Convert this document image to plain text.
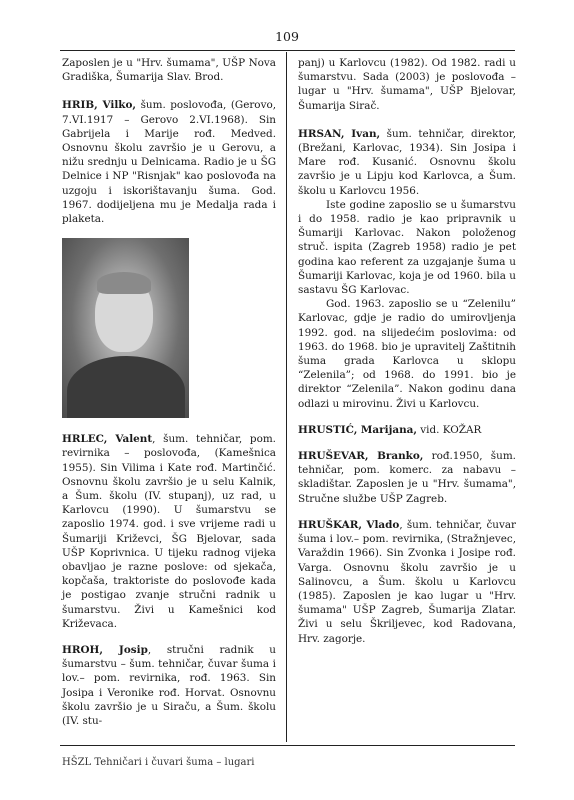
109

Zaposlen je u "Hrv. šumama", UŠP Nova Gradiška, Šumarija Slav. Brod.

HRIB, Vilko, šum. poslovođa, (Gerovo, 7.VI.1917 – Gerovo 2.VI.1968). Sin Gabrijela i Marije rođ. Medved. Osnovnu školu završio je u Gerovu, a nižu srednju u Delnicama. Radio je u ŠG Delnice i NP "Risnjak" kao poslovođa na uzgoju i iskorištavanju šuma. God. 1967. dodijeljena mu je Medalja rada i plaketa.

HRLEC, Valent, šum. tehničar, pom. revirnika – poslovođa, (Kamešnica 1955). Sin Vilima i Kate rođ. Martinčić. Osnovnu školu završio je u selu Kalnik, a Šum. školu (IV. stupanj), uz rad, u Karlovcu (1990). U šumarstvu se zaposlio 1974. god. i sve vrijeme radi u Šumariji Križevci, ŠG Bjelovar, sada UŠP Koprivnica. U tijeku radnog vijeka obavljao je razne poslove: od sjekača, kopčaša, traktoriste do poslovođe kada je postigao zvanje stručni radnik u šumarstvu. Živi u Kamešnici kod Križevaca.

HROH, Josip, stručni radnik u šumarstvu – šum. tehničar, čuvar šuma i lov.– pom. revirnika, rođ. 1963. Sin Josipa i Veronike rođ. Horvat. Osnovnu školu završio je u Siraču, a Šum. školu (IV. stu-

panj) u Karlovcu (1982). Od 1982. radi u šumarstvu. Sada (2003) je poslovođa – lugar u "Hrv. šumama", UŠP Bjelovar, Šumarija Sirač.

HRSAN, Ivan, šum. tehničar, direktor, (Brežani, Karlovac, 1934). Sin Josipa i Mare rođ. Kusanić. Osnovnu školu završio je u Lipju kod Karlovca, a Šum. školu u Karlovcu 1956.

Iste godine zaposlio se u šumarstvu i do 1958. radio je kao pripravnik u Šumariji Karlovac. Nakon položenog struč. ispita (Zagreb 1958) radio je pet godina kao referent za uzgajanje šuma u Šumariji Karlovac, koja je od 1960. bila u sastavu ŠG Karlovac.

God. 1963. zaposlio se u “Zelenilu” Karlovac, gdje je radio do umirovljenja 1992. god. na slijedećim poslovima: od 1963. do 1968. bio je upravitelj Zaštitnih šuma grada Karlovca u sklopu “Zelenila”; od 1968. do 1991. bio je direktor “Zelenila”. Nakon godinu dana odlazi u mirovinu. Živi u Karlovcu.

HRUSTIĆ, Marijana, vid. KOŽAR

HRUŠEVAR, Branko, rođ.1950, šum. tehničar, pom. komerc. za nabavu – skladištar. Zaposlen je u "Hrv. šumama", Stručne službe UŠP Zagreb.

HRUŠKAR, Vlado, šum. tehničar, čuvar šuma i lov.– pom. revirnika, (Stražnjevec, Varaždin 1966). Sin Zvonka i Josipe rođ. Varga. Osnovnu školu završio je u Salinovcu, a Šum. školu u Karlovcu (1985). Zaposlen je kao lugar u "Hrv. šumama" UŠP Zagreb, Šumarija Zlatar. Živi u selu Škriljevec, kod Radovana, Hrv. zagorje.

HŠZL Tehničari i čuvari šuma – lugari
